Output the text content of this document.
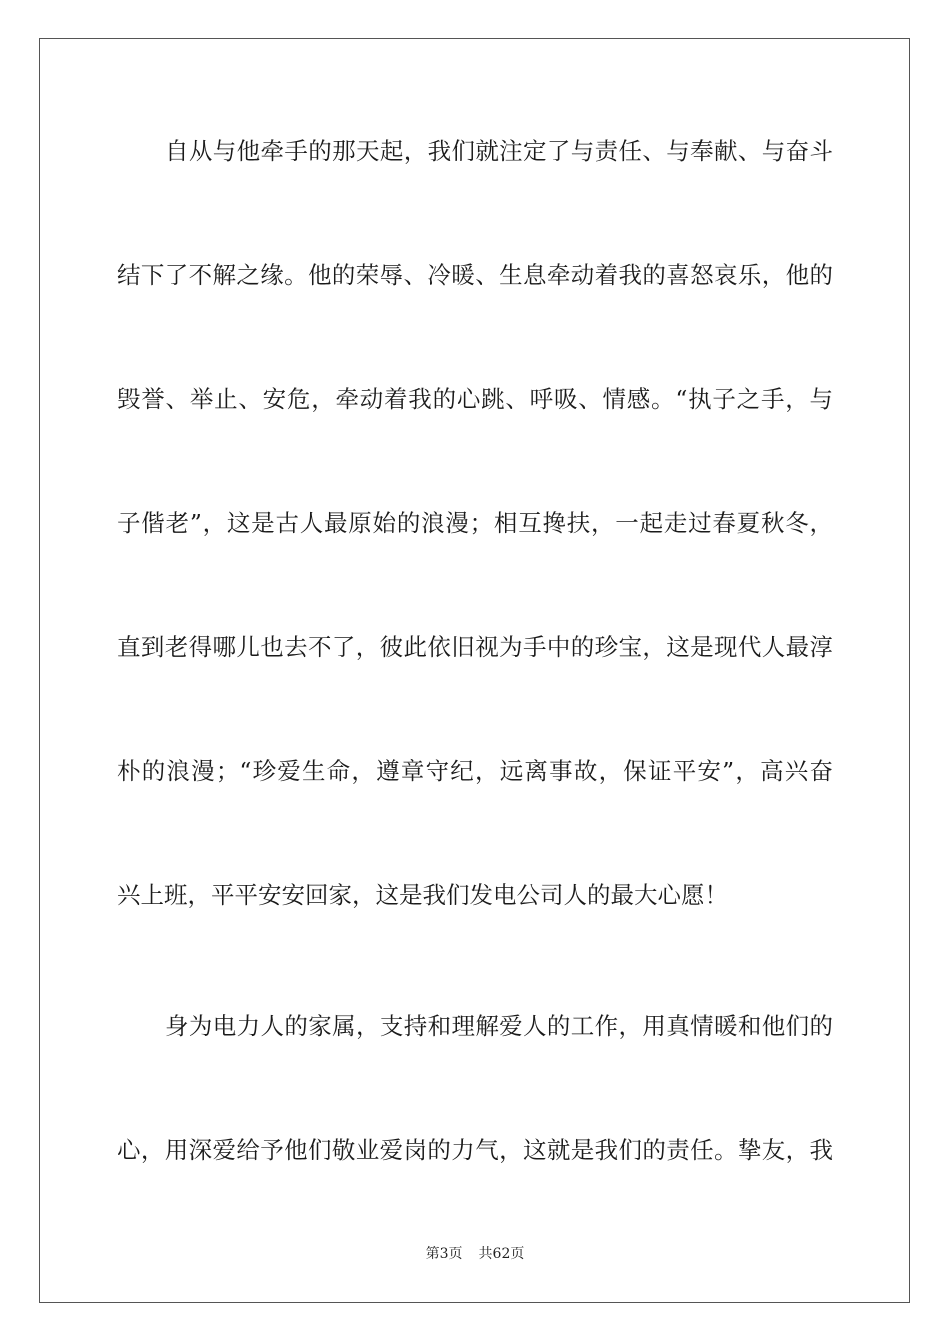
自从与他牵手的那天起，我们就注定了与责任、与奉献、与奋斗
结下了不解之缘。他的荣辱、冷暖、生息牵动着我的喜怒哀乐，他的
毁誉、举止、安危，牵动着我的心跳、呼吸、情感。“执子之手，与
子偕老”，这是古人最原始的浪漫；相互搀扶，一起走过春夏秋冬，
直到老得哪儿也去不了，彼此依旧视为手中的珍宝，这是现代人最淳
朴的浪漫；“珍爱生命，遵章守纪，远离事故，保证平安”，高兴奋
兴上班，平平安安回家，这是我们发电公司人的最大心愿！
身为电力人的家属，支持和理解爱人的工作，用真情暖和他们的
心，用深爱给予他们敬业爱岗的力气，这就是我们的责任。挚友，我
第3页 共62页
